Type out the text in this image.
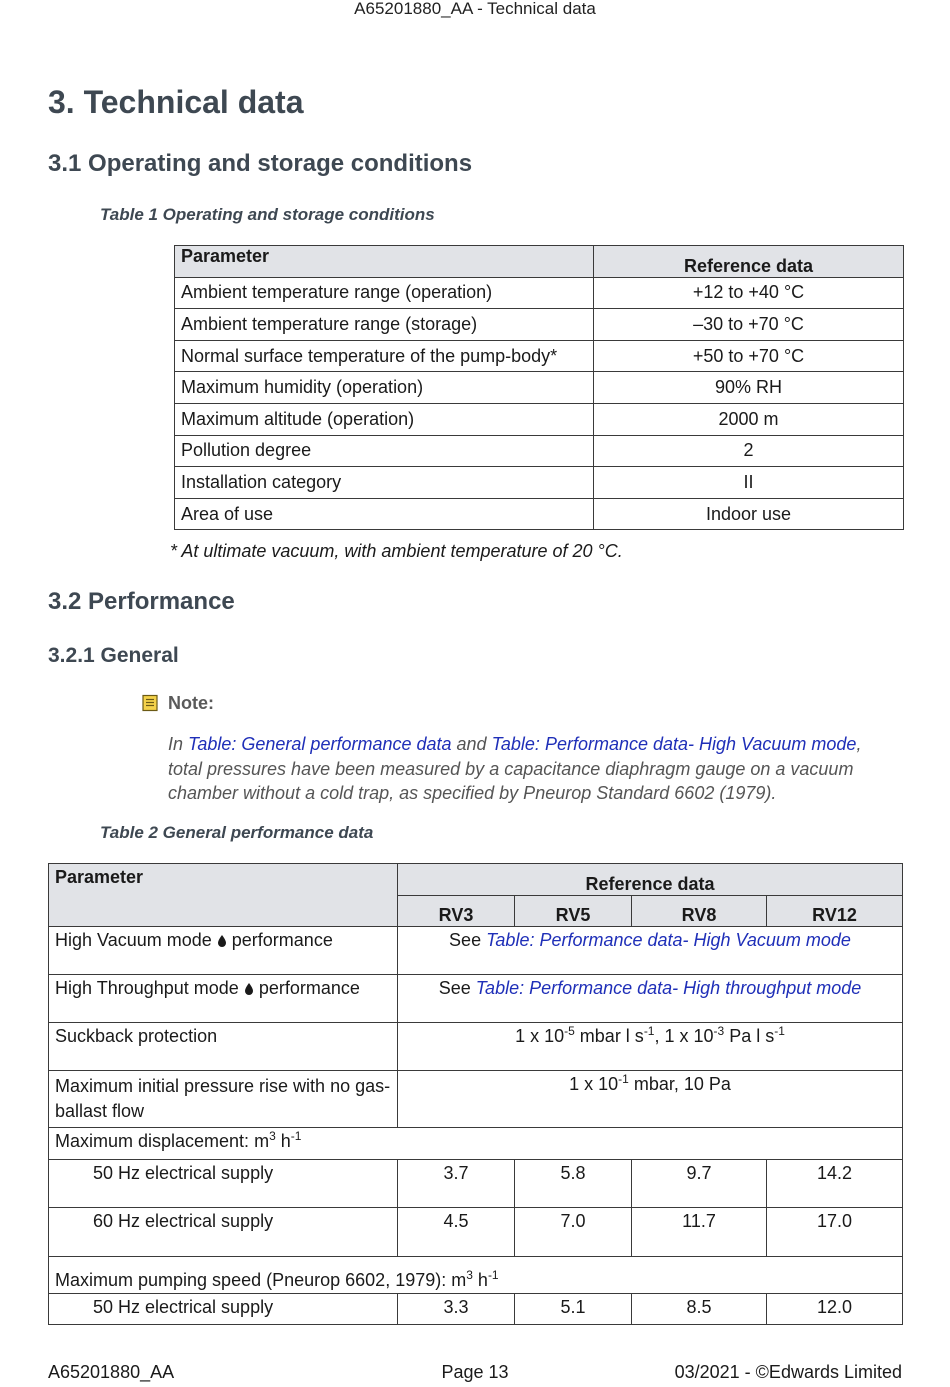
A65201880_AA - Technical data
3. Technical data
3.1 Operating and storage conditions
Table 1 Operating and storage conditions
Parameter	Reference data
Ambient temperature range (operation)	+12 to +40 °C
Ambient temperature range (storage)	–30 to +70 °C
Normal surface temperature of the pump-body*	+50 to +70 °C
Maximum humidity (operation)	90% RH
Maximum altitude (operation)	2000 m
Pollution degree	2
Installation category	II
Area of use	Indoor use
* At ultimate vacuum, with ambient temperature of 20 °C.
3.2 Performance
3.2.1 General
Note:
In Table: General performance data and Table: Performance data- High Vacuum mode, total pressures have been measured by a capacitance diaphragm gauge on a vacuum chamber without a cold trap, as specified by Pneurop Standard 6602 (1979).
Table 2 General performance data
Parameter	Reference data			
	RV3	RV5	RV8	RV12
High Vacuum mode performance	See Table: Performance data- High Vacuum mode			
High Throughput mode performance	See Table: Performance data- High throughput mode			
Suckback protection	1 x $10^{-5}$ mbar l $s^{-1}$, 1 x $10^{-3}$ Pa l $s^{-1}$
Maximum initial pressure rise with no gas-ballast flow	1 x $10^{-1}$ mbar, 10 Pa			
Maximum displacement: $m^3$ $h^{-1}$
50 Hz electrical supply	3.7	5.8	9.7	14.2
60 Hz electrical supply	4.5	7.0	11.7	17.0
Maximum pumping speed (Pneurop 6602, 1979): $m^3$ $h^{-1}$
50 Hz electrical supply	3.3	5.1	8.5	12.0
A65201880_AA	Page 13	03/2021 - ©Edwards Limited
